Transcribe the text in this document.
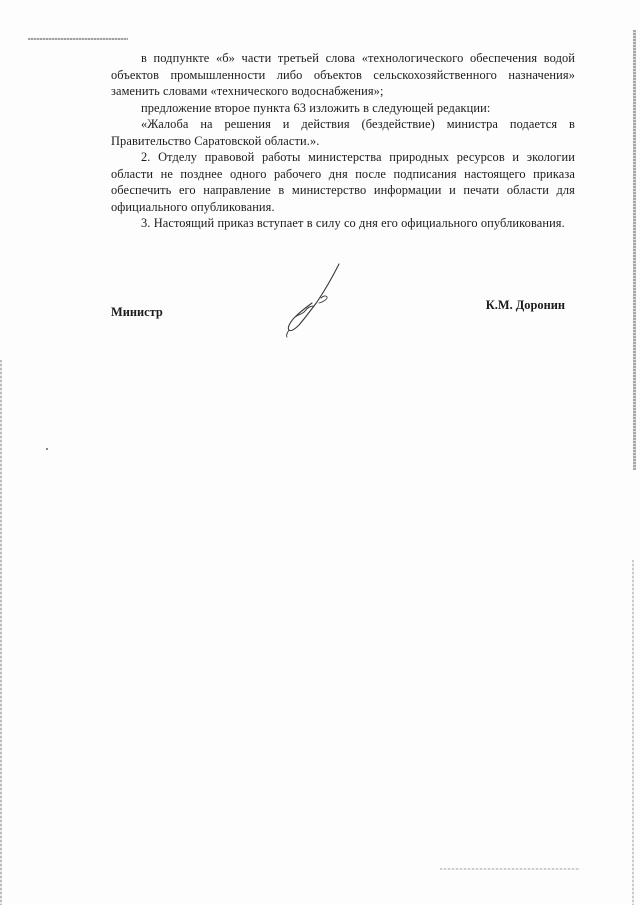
в подпункте «б» части третьей слова «технологического обеспечения водой объектов промышленности либо объектов сельскохозяйственного назначения» заменить словами «технического водоснабжения»;

предложение второе пункта 63 изложить в следующей редакции:

«Жалоба на решения и действия (бездействие) министра подается в Правительство Саратовской области.».

2. Отделу правовой работы министерства природных ресурсов и экологии области не позднее одного рабочего дня после подписания настоящего приказа обеспечить его направление в министерство информации и печати области для официального опубликования.

3. Настоящий приказ вступает в силу со дня его официального опубликования.

Министр	К.М. Доронин
